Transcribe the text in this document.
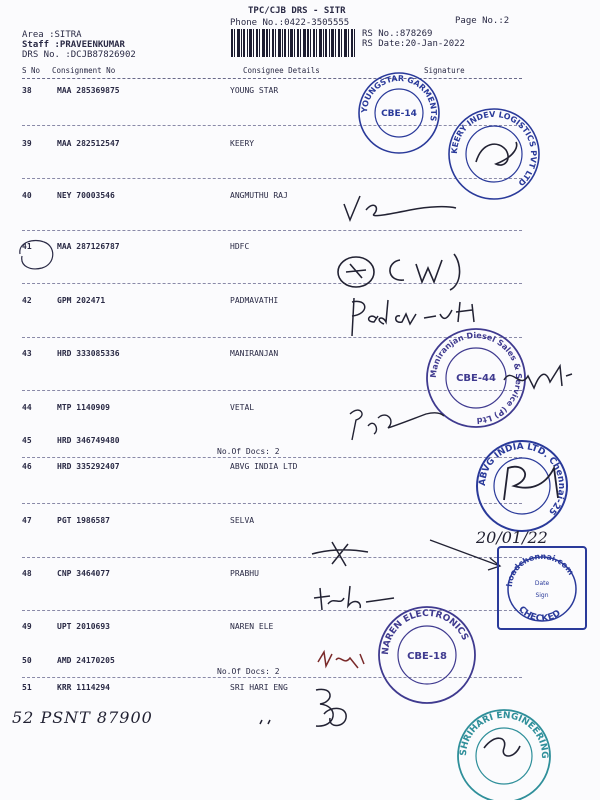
TPC/CJB DRS - SITR
Phone No.:0422-3505555	Page No.:2
RS No.:878269
RS Date:20-Jan-2022
Area :SITRA
Staff :PRAVEENKUMAR
DRS No. :DCJB87826902
S No Consignment No	Consignee Details	Signature
38	MAA 285369875	YOUNG STAR
39	MAA 282512547	KEERY
40	NEY 70003546	ANGMUTHU RAJ
41	MAA 287126787	HDFC
42	GPM 202471	PADMAVATHI
43	HRD 333085336	MANIRANJAN
44	MTP 1140909	VETAL
45	HRD 346749480
No.Of Docs: 2
46	HRD 335292407	ABVG INDIA LTD
47	PGT 1986587	SELVA
48	CNP 3464077	PRABHU
49	UPT 2010693	NAREN ELE
50	AMD 24170205
No.Of Docs: 2
51	KRR 1114294	SRI HARI ENG
52 PSNT 87900
YOUNGSTAR GARMENTS
CBE-14
KEERY INDEV LOGISTICS PVT LTD
Maniranjan Diesel Sales & Service (P) Ltd
CBE-44
ABVG INDIA LTD. Chennai-25
20/01/22
hoadchennai.com
CHECKED
Date
Sign
NAREN ELECTRONICS
CBE-18
SHRIHARI ENGINEERING
